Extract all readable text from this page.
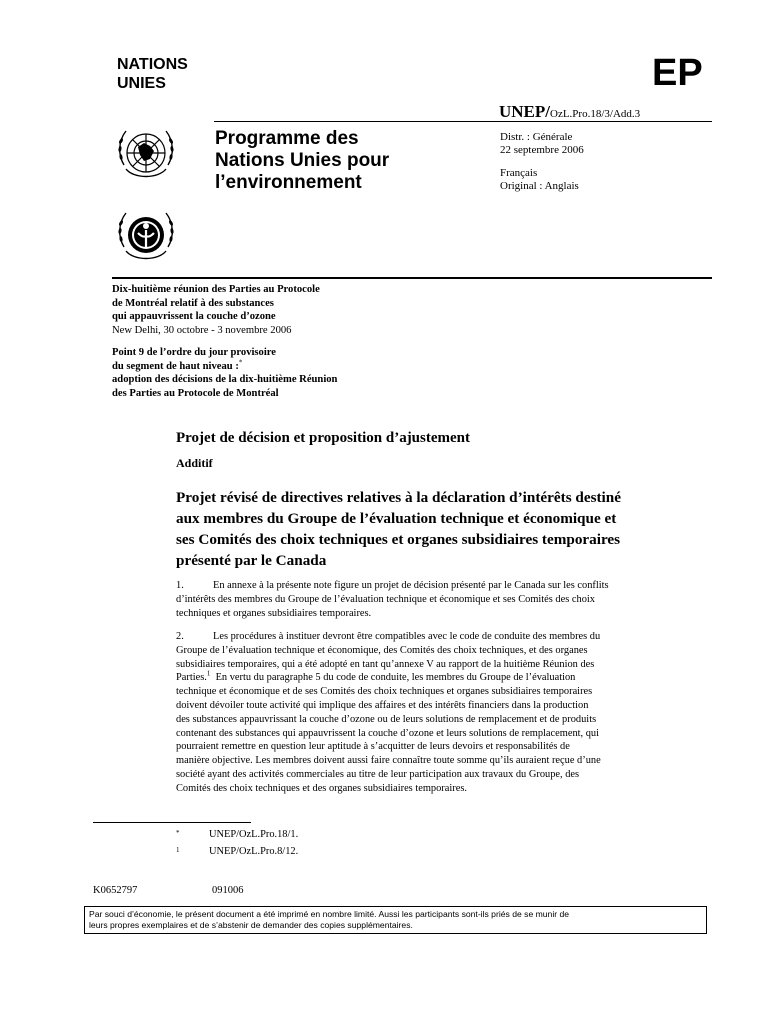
NATIONS
UNIES	EP
UNEP/OzL.Pro.18/3/Add.3
Programme des
Nations Unies pour
l’environnement
Distr. : Générale
22 septembre 2006
Français
Original : Anglais
Dix-huitième réunion des Parties au Protocole
de Montréal relatif à des substances
qui appauvrissent la couche d’ozone
New Delhi, 30 octobre - 3 novembre 2006
Point 9 de l’ordre du jour provisoire
du segment de haut niveau :*
adoption des décisions de la dix-huitième Réunion
des Parties au Protocole de Montréal
Projet de décision et proposition d’ajustement
Additif
Projet révisé de directives relatives à la déclaration d’intérêts destiné
aux membres du Groupe de l’évaluation technique et économique et
ses Comités des choix techniques et organes subsidiaires temporaires
présenté par le Canada
1.	En annexe à la présente note figure un projet de décision présenté par le Canada sur les conflits
d’intérêts des membres du Groupe de l’évaluation technique et économique et ses Comités des choix
techniques et organes subsidiaires temporaires.
2.	Les procédures à instituer devront être compatibles avec le code de conduite des membres du
Groupe de l’évaluation technique et économique, des Comités des choix techniques, et des organes
subsidiaires temporaires, qui a été adopté en tant qu’annexe V au rapport de la huitième Réunion des
Parties.$^1$  En vertu du paragraphe 5 du code de conduite, les membres du Groupe de l’évaluation
technique et économique et de ses Comités des choix techniques et organes subsidiaires temporaires
doivent dévoiler toute activité qui implique des affaires et des intérêts financiers dans la production
des substances appauvrissant la couche d’ozone ou de leurs solutions de remplacement et de produits
contenant des substances qui appauvrissent la couche d’ozone et leurs solutions de remplacement, qui
pourraient remettre en question leur aptitude à s’acquitter de leurs devoirs et responsabilités de
manière objective. Les membres doivent aussi faire connaître toute somme qu’ils auraient reçue d’une
société ayant des activités commerciales au titre de leur participation aux travaux du Groupe, des
Comités des choix techniques et des organes subsidiaires temporaires.
*	UNEP/OzL.Pro.18/1.
1	UNEP/OzL.Pro.8/12.
K0652797	091006
Par souci d’économie, le présent document a été imprimé en nombre limité. Aussi les participants sont-ils priés de se munir de
leurs propres exemplaires et de s’abstenir de demander des copies supplémentaires.
